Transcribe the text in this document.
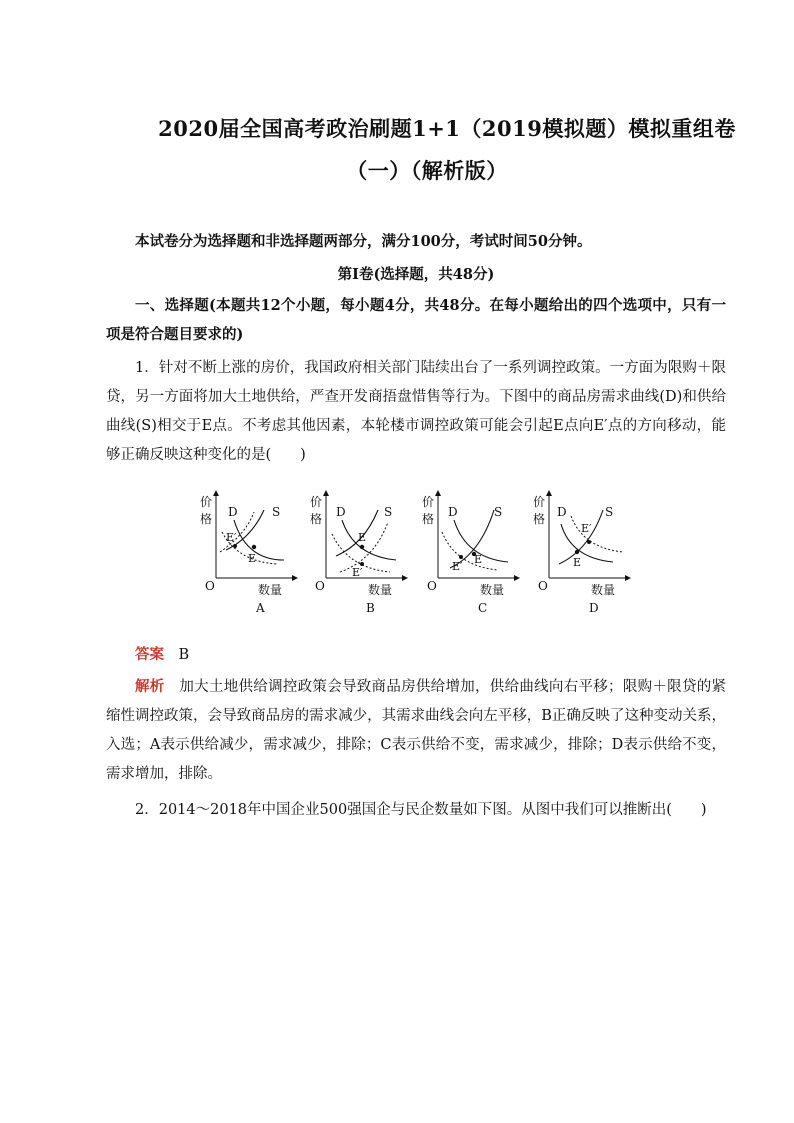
2020届全国高考政治刷题1+1（2019模拟题）模拟重组卷
（一）（解析版）
本试卷分为选择题和非选择题两部分，满分100分，考试时间50分钟。
第Ⅰ卷(选择题，共48分)
一、选择题(本题共12个小题，每小题4分，共48分。在每小题给出的四个选项中，只有一项是符合题目要求的)
1．针对不断上涨的房价，我国政府相关部门陆续出台了一系列调控政策。一方面为限购＋限贷，另一方面将加大土地供给，严查开发商捂盘惜售等行为。下图中的商品房需求曲线(D)和供给曲线(S)相交于E点。不考虑其他因素，本轮楼市调控政策可能会引起E点向E′点的方向移动，能够正确反映这种变化的是(　　)
价
格
O	数量
D	S
E
E′
A
价
格
O	数量
D	S
E
E′
B
价
格
O	数量
D	S
E
E′
C
价
格
O	数量
D	S
E
E′
D
答案　 B
解析　 加大土地供给调控政策会导致商品房供给增加，供给曲线向右平移；限购＋限贷的紧缩性调控政策，会导致商品房的需求减少，其需求曲线会向左平移，B正确反映了这种变动关系，入选；A表示供给减少，需求减少，排除；C表示供给不变，需求减少，排除；D表示供给不变，需求增加，排除。
2．2014～2018年中国企业500强国企与民企数量如下图。从图中我们可以推断出(　　)
